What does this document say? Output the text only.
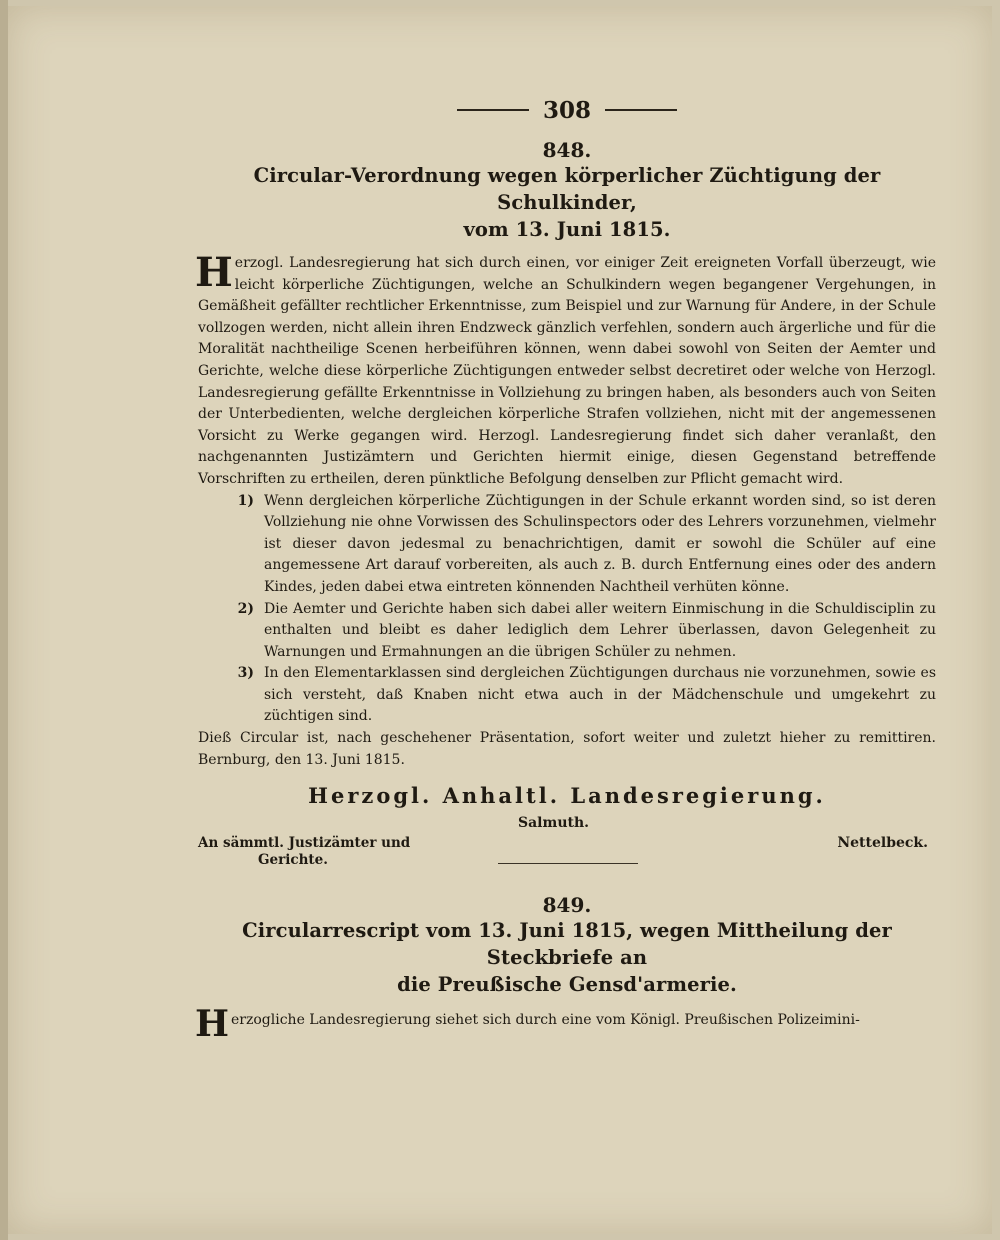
308
848.
Circular-Verordnung wegen körperlicher Züchtigung der Schulkinder,
vom 13. Juni 1815.

Herzogl. Landesregierung hat sich durch einen, vor einiger Zeit ereigneten Vorfall überzeugt, wie leicht körperliche Züchtigungen, welche an Schulkindern wegen begangener Vergehungen, in Gemäßheit gefällter rechtlicher Erkenntnisse, zum Beispiel und zur Warnung für Andere, in der Schule vollzogen werden, nicht allein ihren Endzweck gänzlich verfehlen, sondern auch ärgerliche und für die Moralität nachtheilige Scenen herbeiführen können, wenn dabei sowohl von Seiten der Aemter und Gerichte, welche diese körperliche Züchtigungen entweder selbst decretiret oder welche von Herzogl. Landesregierung gefällte Erkenntnisse in Vollziehung zu bringen haben, als besonders auch von Seiten der Unterbedienten, welche dergleichen körperliche Strafen vollziehen, nicht mit der angemessenen Vorsicht zu Werke gegangen wird. Herzogl. Landesregierung findet sich daher veranlaßt, den nachgenannten Justizämtern und Gerichten hiermit einige, diesen Gegenstand betreffende Vorschriften zu ertheilen, deren pünktliche Befolgung denselben zur Pflicht gemacht wird.

1) Wenn dergleichen körperliche Züchtigungen in der Schule erkannt worden sind, so ist deren Vollziehung nie ohne Vorwissen des Schulinspectors oder des Lehrers vorzunehmen, vielmehr ist dieser davon jedesmal zu benachrichtigen, damit er sowohl die Schüler auf eine angemessene Art darauf vorbereiten, als auch z. B. durch Entfernung eines oder des andern Kindes, jeden dabei etwa eintreten könnenden Nachtheil verhüten könne.
2) Die Aemter und Gerichte haben sich dabei aller weitern Einmischung in die Schuldisciplin zu enthalten und bleibt es daher lediglich dem Lehrer überlassen, davon Gelegenheit zu Warnungen und Ermahnungen an die übrigen Schüler zu nehmen.
3) In den Elementarklassen sind dergleichen Züchtigungen durchaus nie vorzunehmen, sowie es sich versteht, daß Knaben nicht etwa auch in der Mädchenschule und umgekehrt zu züchtigen sind.

Dieß Circular ist, nach geschehener Präsentation, sofort weiter und zuletzt hieher zu remittiren. Bernburg, den 13. Juni 1815.

Herzogl. Anhaltl. Landesregierung.
Salmuth.
An sämmtl. Justizämter und
Gerichte.
Nettelbeck.
849.
Circularrescript vom 13. Juni 1815, wegen Mittheilung der Steckbriefe an
die Preußische Gensd'armerie.

Herzogliche Landesregierung siehet sich durch eine vom Königl. Preußischen Polizeimini-
